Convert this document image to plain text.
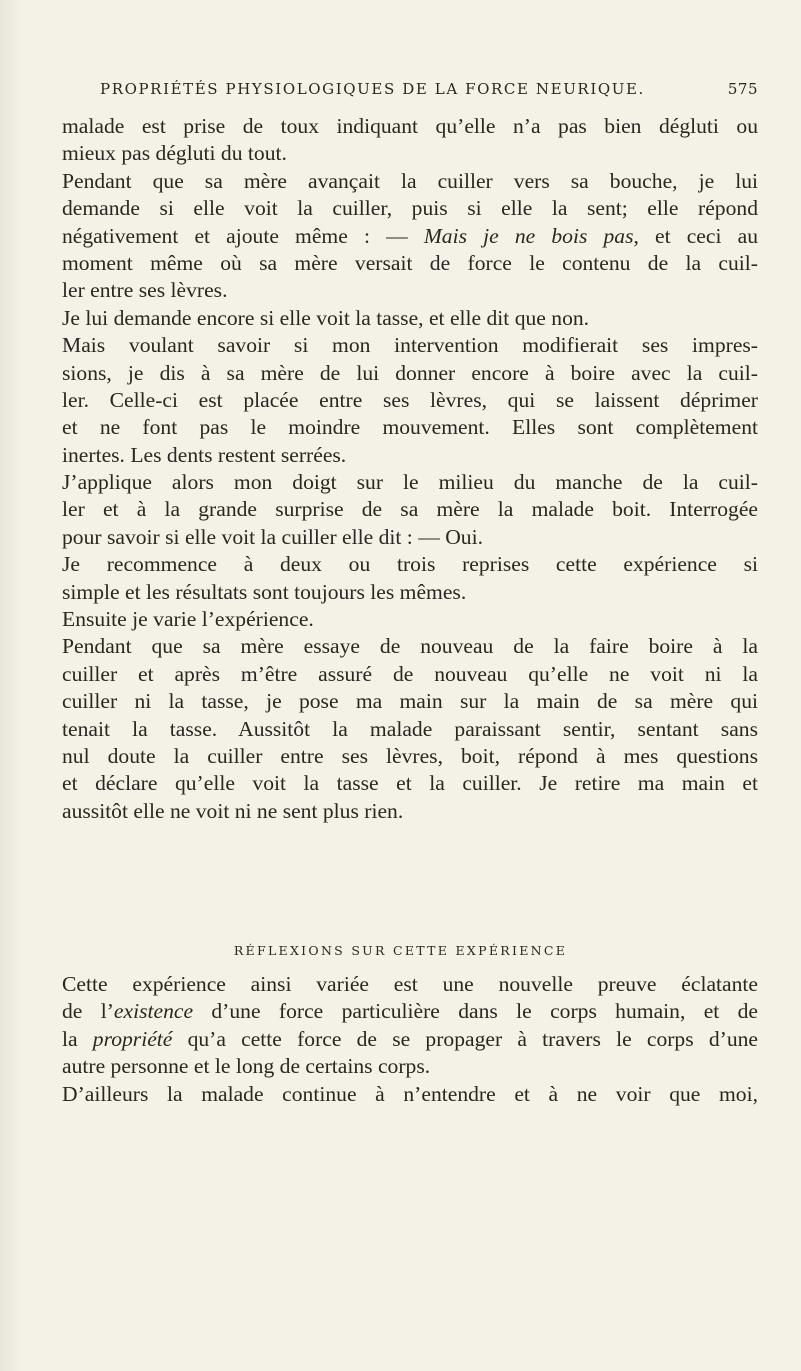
PROPRIÉTÉS PHYSIOLOGIQUES DE LA FORCE NEURIQUE.	575
malade est prise de toux indiquant qu’elle n’a pas bien dégluti ou
mieux pas dégluti du tout.
Pendant que sa mère avançait la cuiller vers sa bouche, je lui
demande si elle voit la cuiller, puis si elle la sent; elle répond
négativement et ajoute même : — Mais je ne bois pas, et ceci au
moment même où sa mère versait de force le contenu de la cuil-
ler entre ses lèvres.
Je lui demande encore si elle voit la tasse, et elle dit que non.
Mais voulant savoir si mon intervention modifierait ses impres-
sions, je dis à sa mère de lui donner encore à boire avec la cuil-
ler. Celle-ci est placée entre ses lèvres, qui se laissent déprimer
et ne font pas le moindre mouvement. Elles sont complètement
inertes. Les dents restent serrées.
J’applique alors mon doigt sur le milieu du manche de la cuil-
ler et à la grande surprise de sa mère la malade boit. Interrogée
pour savoir si elle voit la cuiller elle dit : — Oui.
Je recommence à deux ou trois reprises cette expérience si
simple et les résultats sont toujours les mêmes.
Ensuite je varie l’expérience.
Pendant que sa mère essaye de nouveau de la faire boire à la
cuiller et après m’être assuré de nouveau qu’elle ne voit ni la
cuiller ni la tasse, je pose ma main sur la main de sa mère qui
tenait la tasse. Aussitôt la malade paraissant sentir, sentant sans
nul doute la cuiller entre ses lèvres, boit, répond à mes questions
et déclare qu’elle voit la tasse et la cuiller. Je retire ma main et
aussitôt elle ne voit ni ne sent plus rien.
RÉFLEXIONS SUR CETTE EXPÉRIENCE
Cette expérience ainsi variée est une nouvelle preuve éclatante
de l’existence d’une force particulière dans le corps humain, et de
la propriété qu’a cette force de se propager à travers le corps d’une
autre personne et le long de certains corps.
D’ailleurs la malade continue à n’entendre et à ne voir que moi,
